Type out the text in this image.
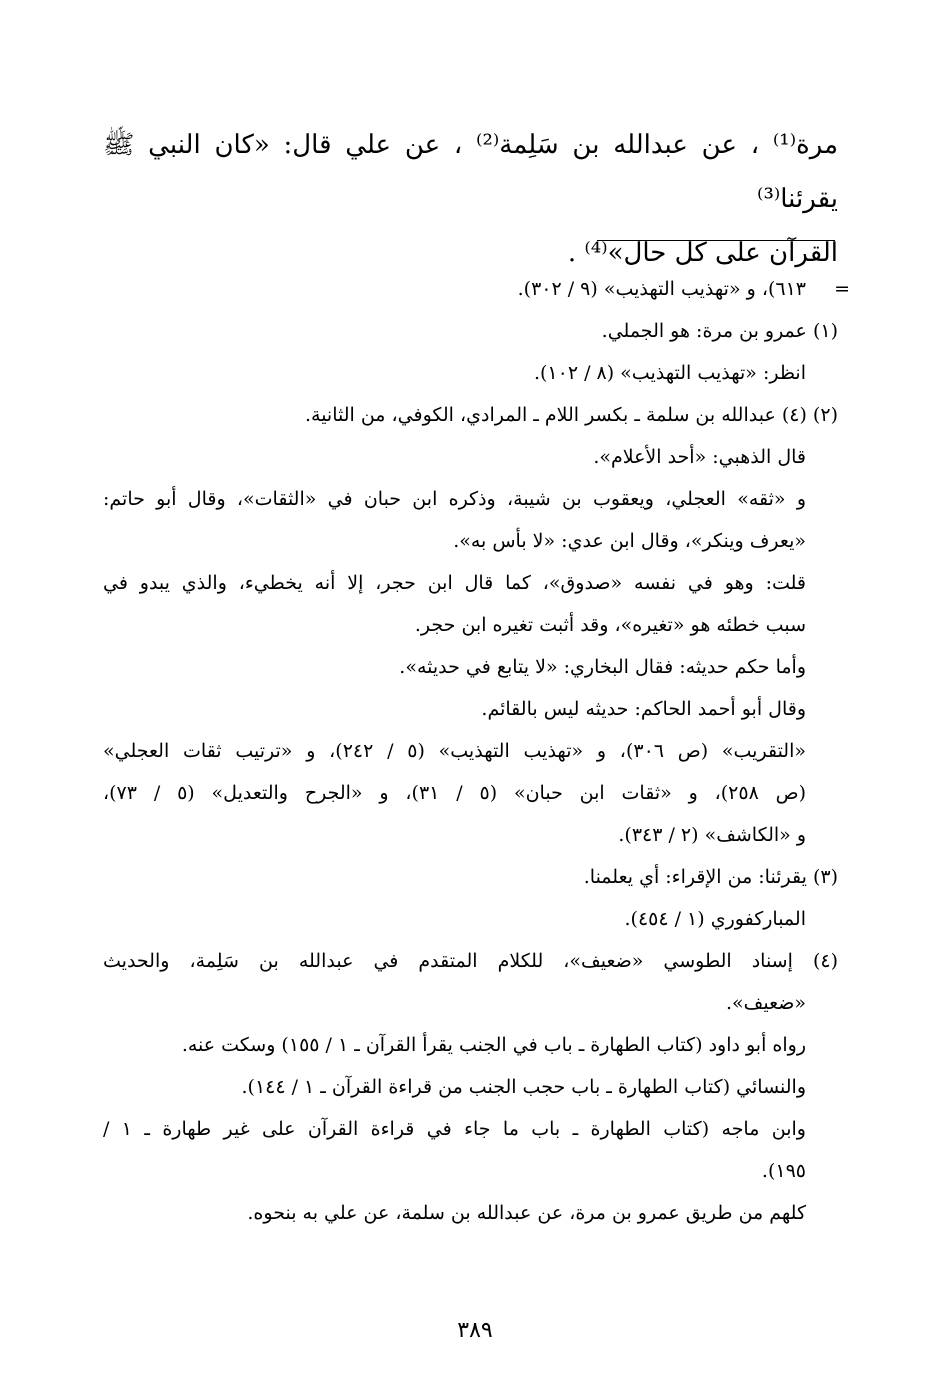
مرة⁽¹⁾ ، عن عبدالله بن سَلِمة⁽²⁾ ، عن علي قال: «كان النبي ﷺ يقرئنا⁽³⁾

القرآن على كل حال»⁽⁴⁾ .

=
٦١٣)، و «تهذيب التهذيب» (٩ / ٣٠٢).
(١) عمرو بن مرة: هو الجملي.
انظر: «تهذيب التهذيب» (٨ / ١٠٢).
(٢) (٤) عبدالله بن سلمة ـ بكسر اللام ـ المرادي، الكوفي، من الثانية.
قال الذهبي: «أحد الأعلام».
و «ثقه» العجلي، ويعقوب بن شيبة، وذكره ابن حبان في «الثقات»، وقال أبو حاتم:
«يعرف وينكر»، وقال ابن عدي: «لا بأس به».
قلت: وهو في نفسه «صدوق»، كما قال ابن حجر، إلا أنه يخطيء، والذي يبدو في
سبب خطئه هو «تغيره»، وقد أثبت تغيره ابن حجر.
وأما حكم حديثه: فقال البخاري: «لا يتابع في حديثه».
وقال أبو أحمد الحاكم: حديثه ليس بالقائم.
«التقريب» (ص ٣٠٦)، و «تهذيب التهذيب» (٥ / ٢٤٢)، و «ترتيب ثقات العجلي»
(ص ٢٥٨)، و «ثقات ابن حبان» (٥ / ٣١)، و «الجرح والتعديل» (٥ / ٧٣)،
و «الكاشف» (٢ / ٣٤٣).
(٣) يقرئنا: من الإقراء: أي يعلمنا.
المباركفوري (١ / ٤٥٤).
(٤) إسناد الطوسي «ضعيف»، للكلام المتقدم في عبدالله بن سَلِمة، والحديث
«ضعيف».
رواه أبو داود (كتاب الطهارة ـ باب في الجنب يقرأ القرآن ـ ١ / ١٥٥) وسكت عنه.
والنسائي (كتاب الطهارة ـ باب حجب الجنب من قراءة القرآن ـ ١ / ١٤٤).
وابن ماجه (كتاب الطهارة ـ باب ما جاء في قراءة القرآن على غير طهارة ـ ١ /
١٩٥).
كلهم من طريق عمرو بن مرة، عن عبدالله بن سلمة، عن علي به بنحوه.
٣٨٩
